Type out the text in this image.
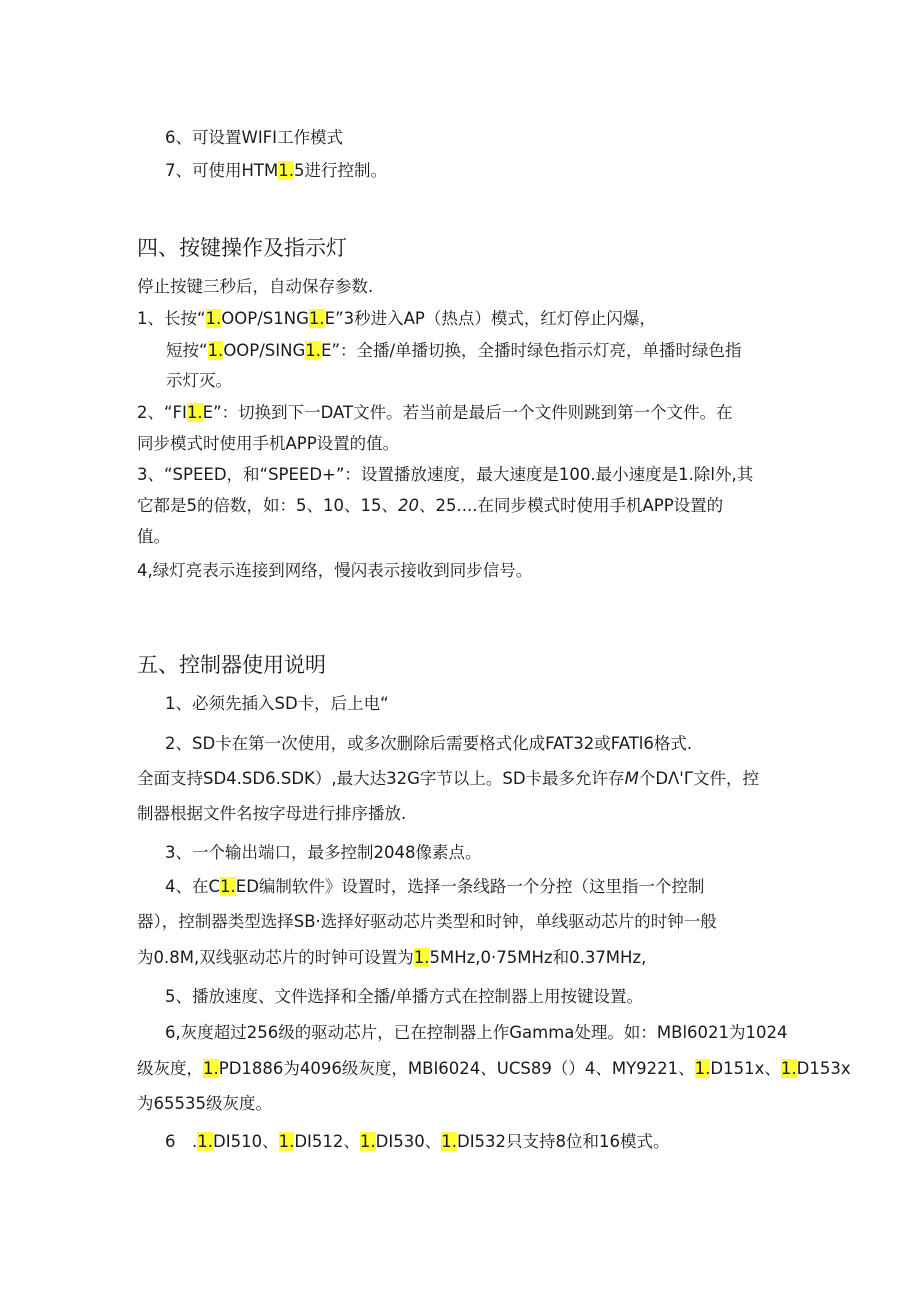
6、可设置WIFI工作模式
7、可使用HTM1.5进行控制。
四、按键操作及指示灯
停止按键三秒后，自动保存参数.
1、长按“1.OOP/S1NG1.E”3秒进入AP（热点）模式，红灯停止闪爆，
短按“1.OOP/SING1.E”：全播/单播切换，全播时绿色指示灯亮，单播时绿色指
示灯灭。
2、“FI1.E”：切换到下一DAT文件。若当前是最后一个文件则跳到第一个文件。在
同步模式时使用手机APP设置的值。
3、“SPEED，和“SPEED+”：设置播放速度，最大速度是100.最小速度是1.除l外,其
它都是5的倍数，如：5、10、15、20、25....在同步模式时使用手机APP设置的
值。
4,绿灯亮表示连接到网络，慢闪表示接收到同步信号。
五、控制器使用说明
1、必须先插入SD卡，后上电“
2、SD卡在第一次使用，或多次删除后需要格式化成FAT32或FATl6格式.
全面支持SD4.SD6.SDK）,最大达32G字节以上。SD卡最多允许存M个DΛ'Γ文件，控
制器根据文件名按字母进行排序播放.
3、一个输出端口，最多控制2048像素点。
4、在C1.ED编制软件》设置时，选择一条线路一个分控（这里指一个控制
器），控制器类型选择SB·选择好驱动芯片类型和时钟，单线驱动芯片的时钟一般
为0.8M,双线驱动芯片的时钟可设置为1.5MHz,0·75MHz和0.37MHz,
5、播放速度、文件选择和全播/单播方式在控制器上用按键设置。
6,灰度超过256级的驱动芯片，已在控制器上作Gamma处理。如：MBl6021为1024
级灰度，1.PD1886为4096级灰度，MBI6024、UCS89（）4、MY9221、1.D151x、1.D153x
为65535级灰度。
6　.1.DI510、1.DI512、1.DI530、1.DI532只支持8位和16模式。
